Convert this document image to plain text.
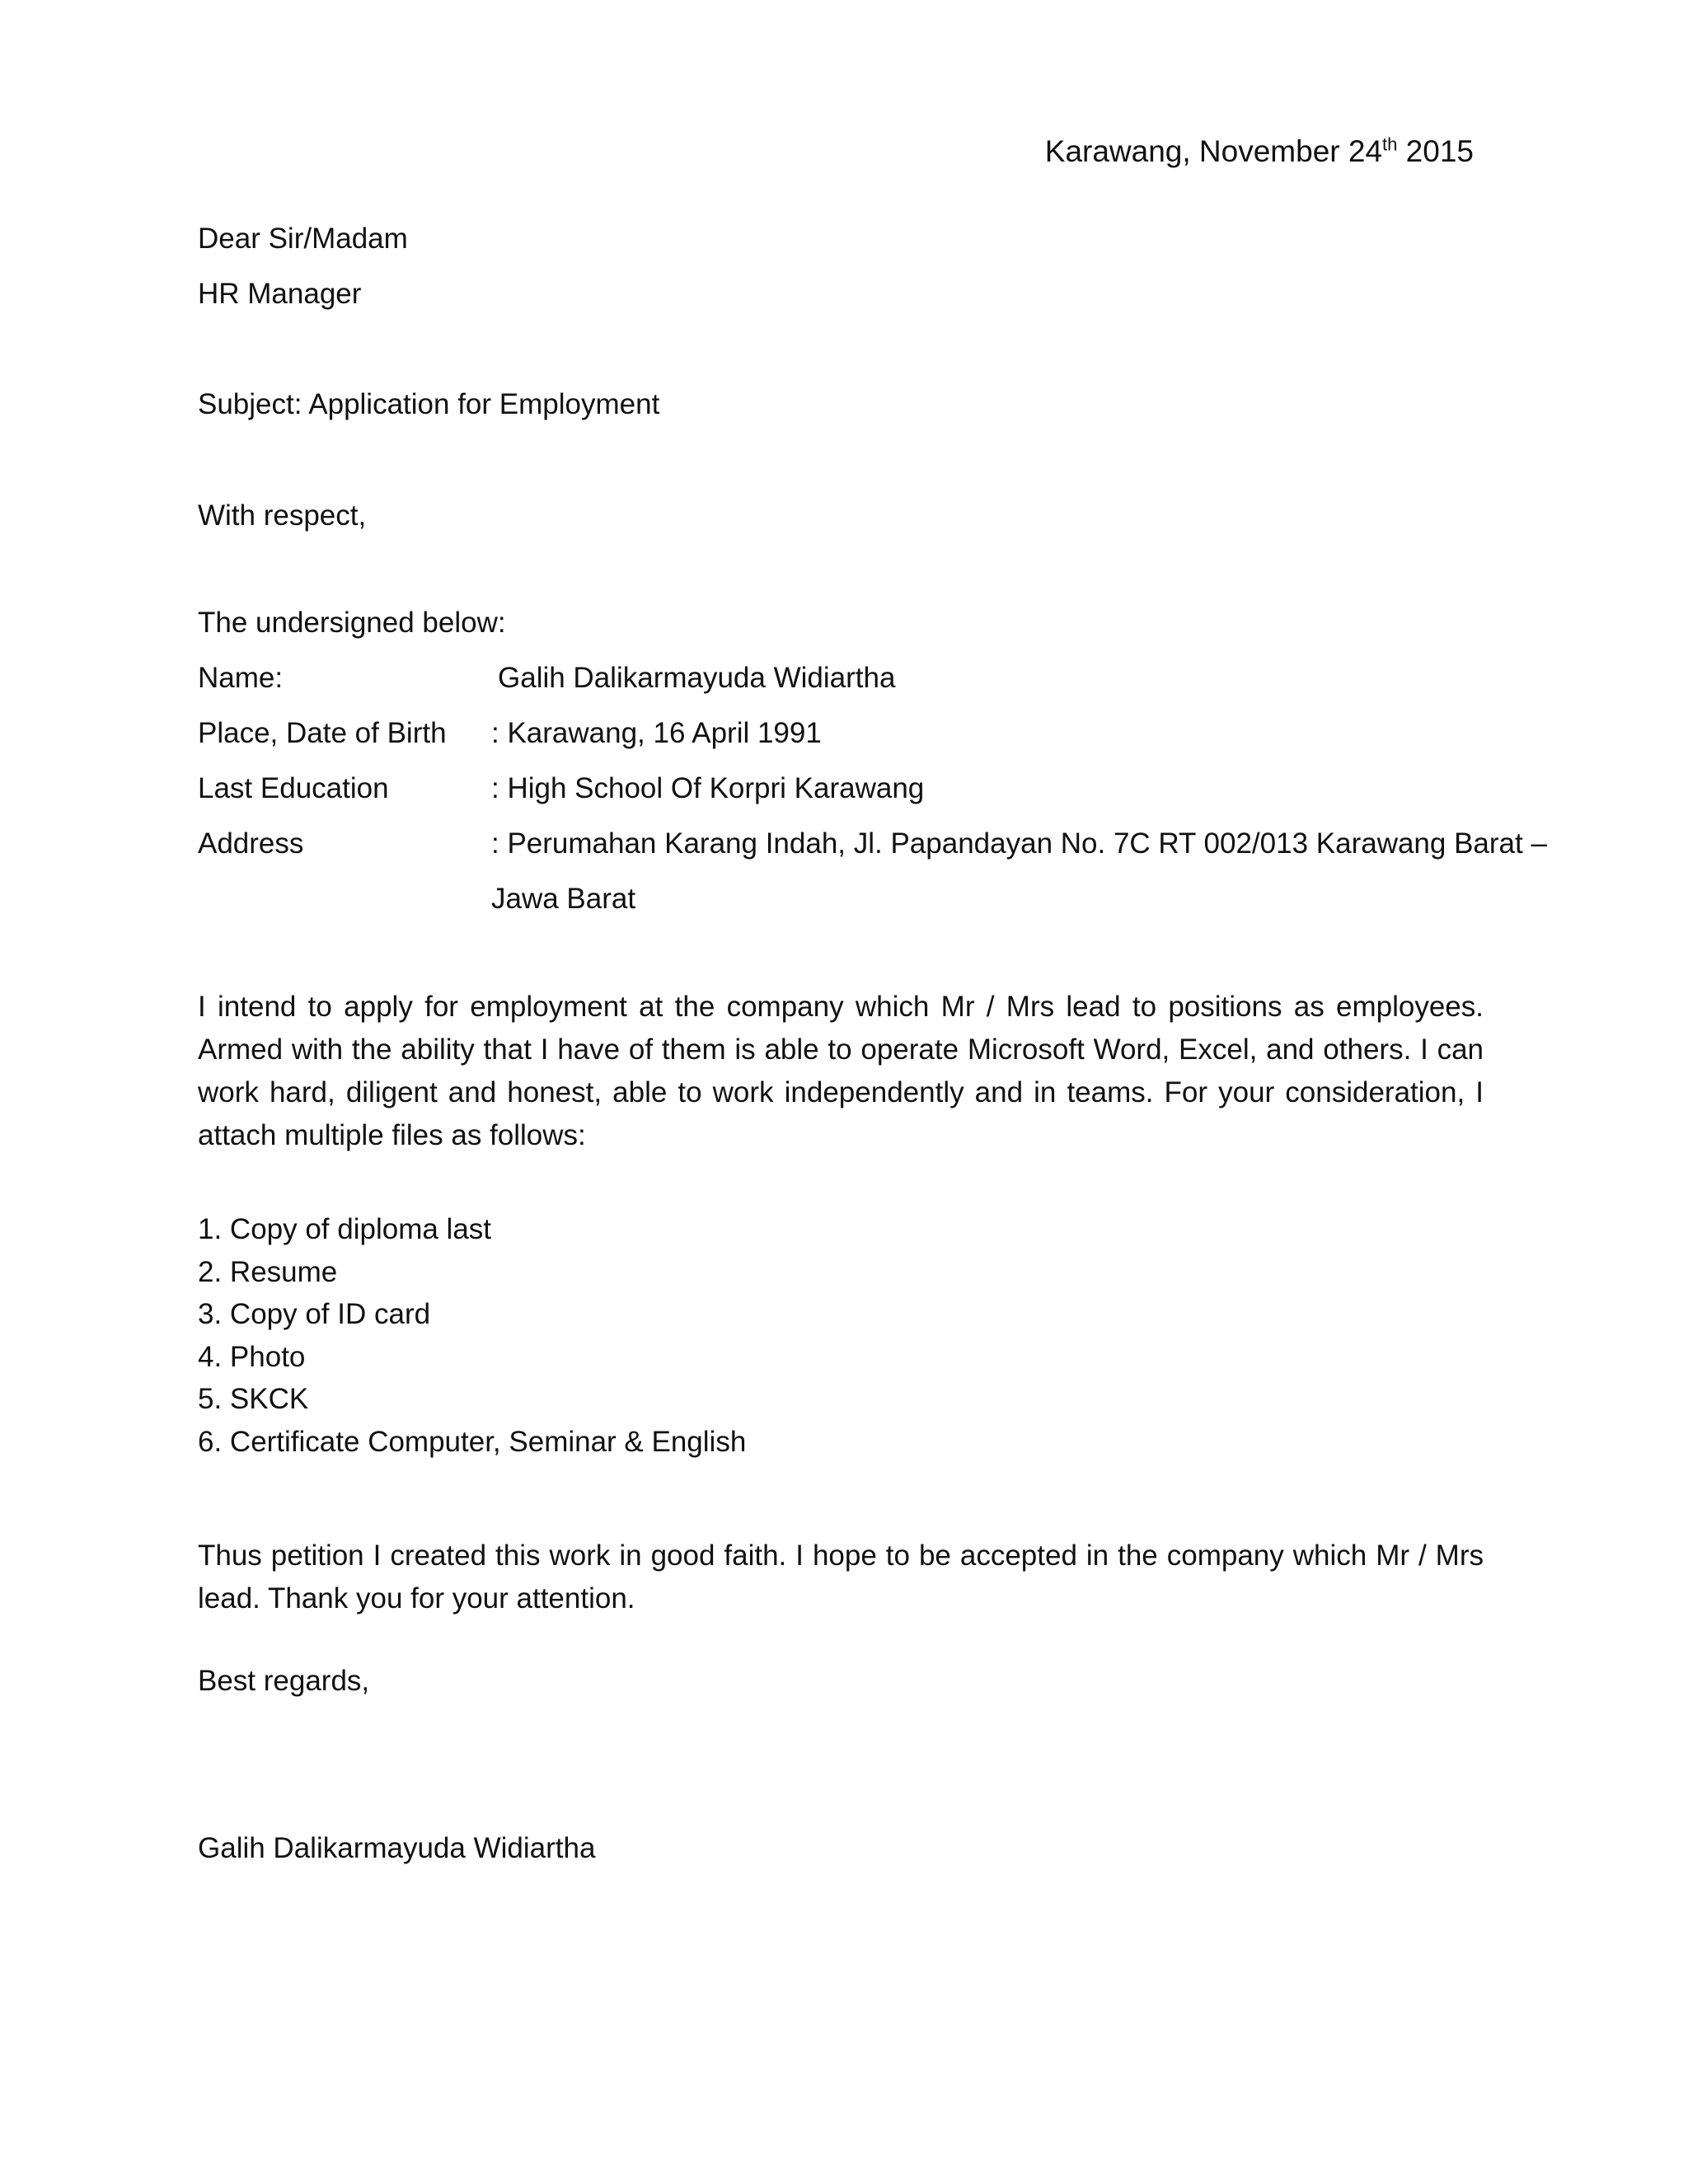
Karawang, November 24th 2015
Dear Sir/Madam
HR Manager
Subject: Application for Employment
With respect,
The undersigned below:
Name:	Galih Dalikarmayuda Widiartha
Place, Date of Birth : Karawang, 16 April 1991
Last Education	: High School Of Korpri Karawang
Address	: Perumahan Karang Indah, Jl. Papandayan No. 7C RT 002/013 Karawang Barat –
Jawa Barat
I intend to apply for employment at the company which Mr / Mrs lead to positions as employees. Armed with the ability that I have of them is able to operate Microsoft Word, Excel, and others. I can work hard, diligent and honest, able to work independently and in teams. For your consideration, I attach multiple files as follows:
1. Copy of diploma last
2. Resume
3. Copy of ID card
4. Photo
5. SKCK
6. Certificate Computer, Seminar & English
Thus petition I created this work in good faith. I hope to be accepted in the company which Mr / Mrs lead. Thank you for your attention.
Best regards,
Galih Dalikarmayuda Widiartha
